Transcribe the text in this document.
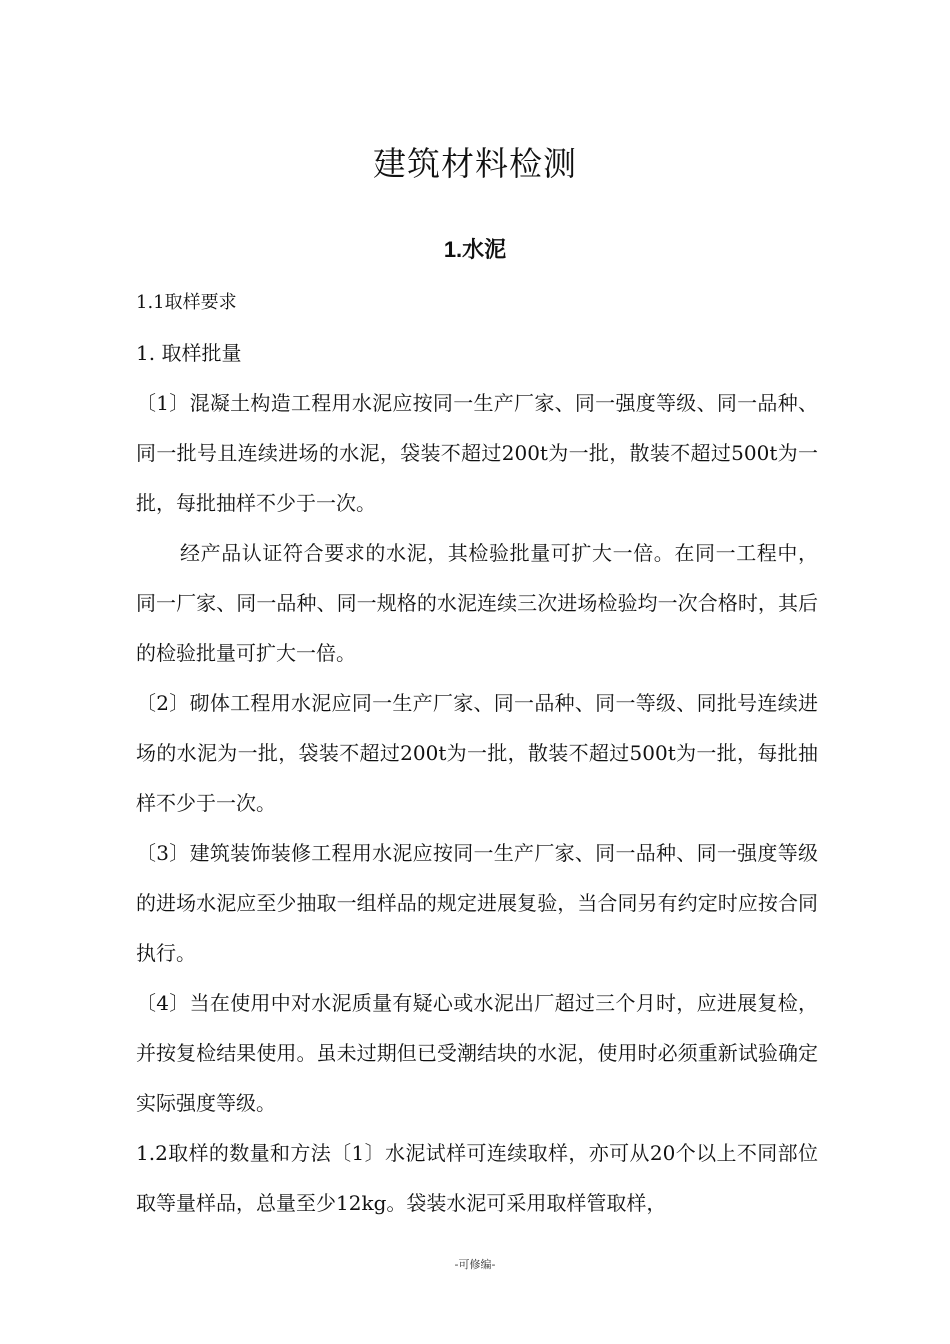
建筑材料检测
1.水泥

1.1取样要求

1. 取样批量

〔1〕混凝土构造工程用水泥应按同一生产厂家、同一强度等级、同一品种、同一批号且连续进场的水泥，袋装不超过200t为一批，散装不超过500t为一批，每批抽样不少于一次。

经产品认证符合要求的水泥，其检验批量可扩大一倍。在同一工程中，同一厂家、同一品种、同一规格的水泥连续三次进场检验均一次合格时，其后的检验批量可扩大一倍。

〔2〕砌体工程用水泥应同一生产厂家、同一品种、同一等级、同批号连续进场的水泥为一批，袋装不超过200t为一批，散装不超过500t为一批，每批抽样不少于一次。

〔3〕建筑装饰装修工程用水泥应按同一生产厂家、同一品种、同一强度等级的进场水泥应至少抽取一组样品的规定进展复验，当合同另有约定时应按合同执行。

〔4〕当在使用中对水泥质量有疑心或水泥出厂超过三个月时，应进展复检，并按复检结果使用。虽未过期但已受潮结块的水泥，使用时必须重新试验确定实际强度等级。

1.2取样的数量和方法〔1〕水泥试样可连续取样，亦可从20个以上不同部位取等量样品，总量至少12kg。袋装水泥可采用取样管取样，

-可修编-
